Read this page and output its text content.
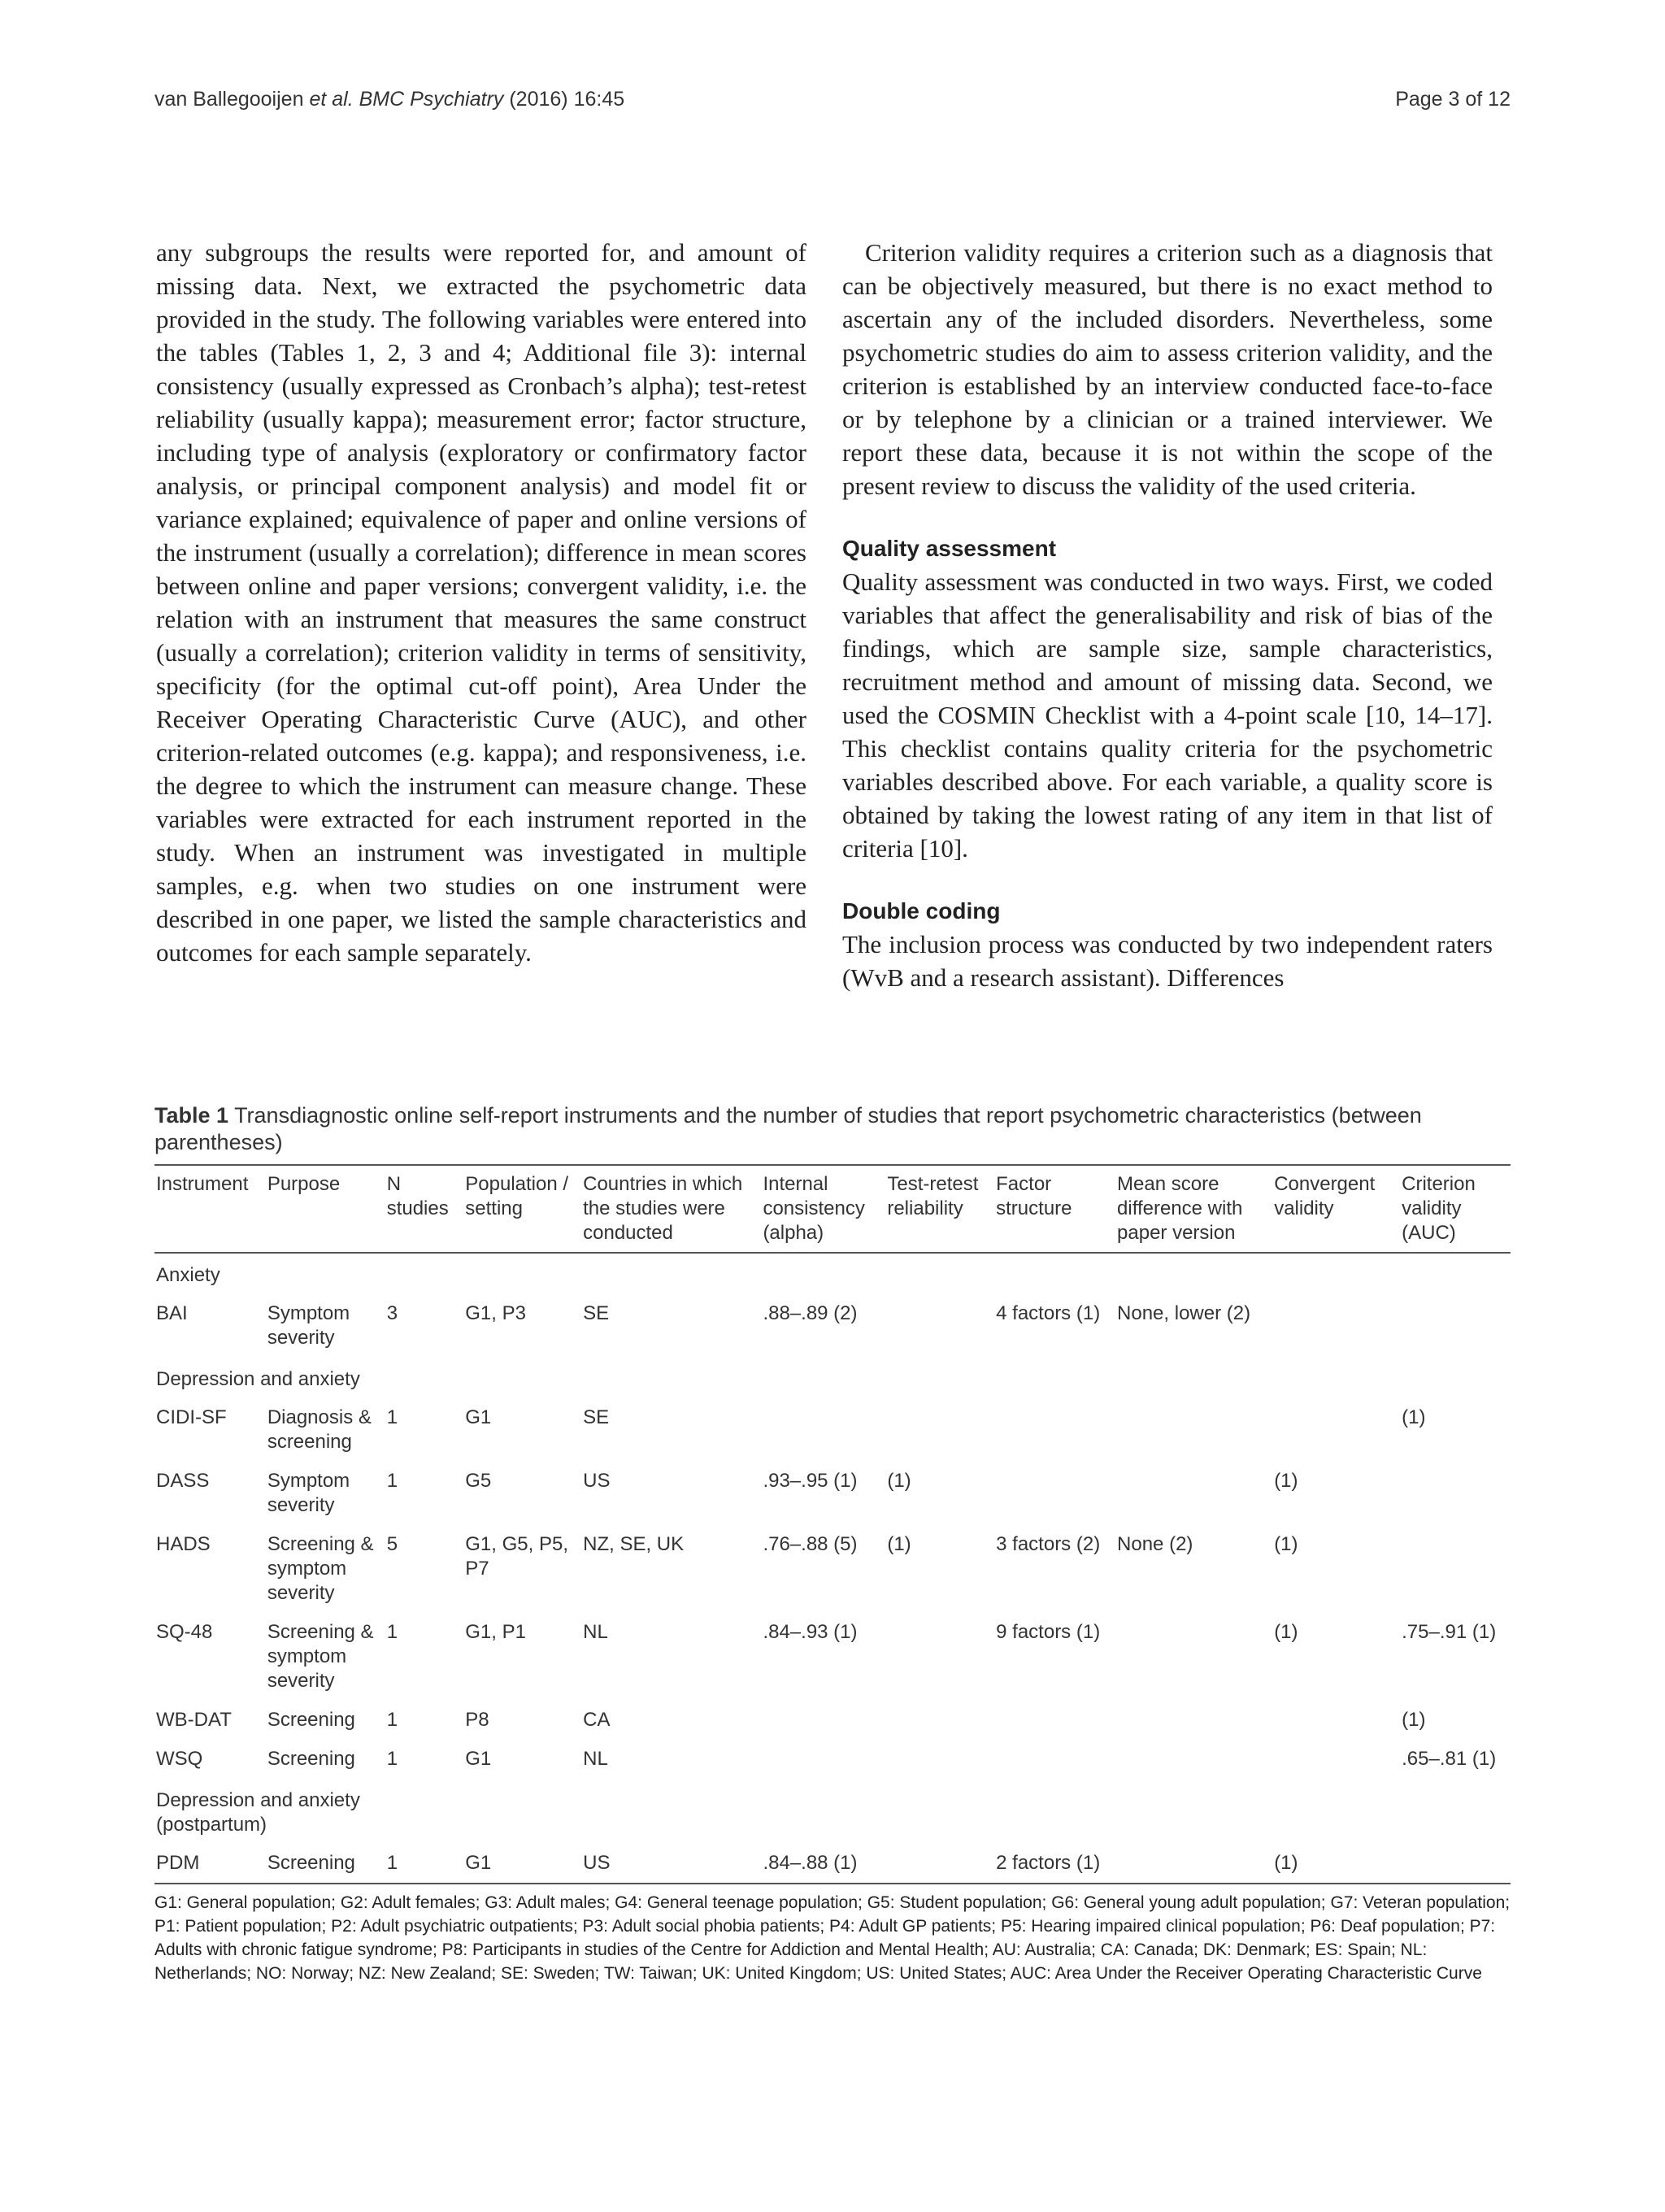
van Ballegooijen et al. BMC Psychiatry (2016) 16:45	Page 3 of 12

any subgroups the results were reported for, and amount of missing data. Next, we extracted the psychometric data provided in the study. The following variables were entered into the tables (Tables 1, 2, 3 and 4; Additional file 3): internal consistency (usually expressed as Cronbach’s alpha); test-retest reliability (usually kappa); measurement error; factor structure, including type of analysis (exploratory or confirmatory factor analysis, or principal component analysis) and model fit or variance explained; equivalence of paper and online versions of the instrument (usually a correlation); difference in mean scores between online and paper versions; convergent validity, i.e. the relation with an instrument that measures the same construct (usually a correlation); criterion validity in terms of sensitivity, specificity (for the optimal cut-off point), Area Under the Receiver Operating Characteristic Curve (AUC), and other criterion-related outcomes (e.g. kappa); and responsiveness, i.e. the degree to which the instrument can measure change. These variables were extracted for each instrument reported in the study. When an instrument was investigated in multiple samples, e.g. when two studies on one instrument were described in one paper, we listed the sample characteristics and outcomes for each sample separately.

Criterion validity requires a criterion such as a diagnosis that can be objectively measured, but there is no exact method to ascertain any of the included disorders. Nevertheless, some psychometric studies do aim to assess criterion validity, and the criterion is established by an interview conducted face-to-face or by telephone by a clinician or a trained interviewer. We report these data, because it is not within the scope of the present review to discuss the validity of the used criteria.

Quality assessment

Quality assessment was conducted in two ways. First, we coded variables that affect the generalisability and risk of bias of the findings, which are sample size, sample characteristics, recruitment method and amount of missing data. Second, we used the COSMIN Checklist with a 4-point scale [10, 14–17]. This checklist contains quality criteria for the psychometric variables described above. For each variable, a quality score is obtained by taking the lowest rating of any item in that list of criteria [10].

Double coding

The inclusion process was conducted by two independent raters (WvB and a research assistant). Differences

Table 1 Transdiagnostic online self-report instruments and the number of studies that report psychometric characteristics (between parentheses)
Instrument	Purpose	N studies	Population / setting	Countries in which the studies were conducted	Internal consistency (alpha)	Test-retest reliability	Factor structure	Mean score difference with paper version	Convergent validity	Criterion validity (AUC)
Anxiety										
BAI	Symptom severity	3	G1, P3	SE	.88–.89 (2)		4 factors (1)	None, lower (2)		
Depression and anxiety										
CIDI-SF	Diagnosis & screening	1	G1	SE						(1)
DASS	Symptom severity	1	G5	US	.93–.95 (1)	(1)			(1)	
HADS	Screening & symptom severity	5	G1, G5, P5, P7	NZ, SE, UK	.76–.88 (5)	(1)	3 factors (2)	None (2)	(1)	
SQ-48	Screening & symptom severity	1	G1, P1	NL	.84–.93 (1)		9 factors (1)		(1)	.75–.91 (1)
WB-DAT	Screening	1	P8	CA						(1)
WSQ	Screening	1	G1	NL						.65–.81 (1)
Depression and anxiety (postpartum)										
PDM	Screening	1	G1	US	.84–.88 (1)		2 factors (1)		(1)	
G1: General population; G2: Adult females; G3: Adult males; G4: General teenage population; G5: Student population; G6: General young adult population; G7: Veteran population; P1: Patient population; P2: Adult psychiatric outpatients; P3: Adult social phobia patients; P4: Adult GP patients; P5: Hearing impaired clinical population; P6: Deaf population; P7: Adults with chronic fatigue syndrome; P8: Participants in studies of the Centre for Addiction and Mental Health; AU: Australia; CA: Canada; DK: Denmark; ES: Spain; NL: Netherlands; NO: Norway; NZ: New Zealand; SE: Sweden; TW: Taiwan; UK: United Kingdom; US: United States; AUC: Area Under the Receiver Operating Characteristic Curve
